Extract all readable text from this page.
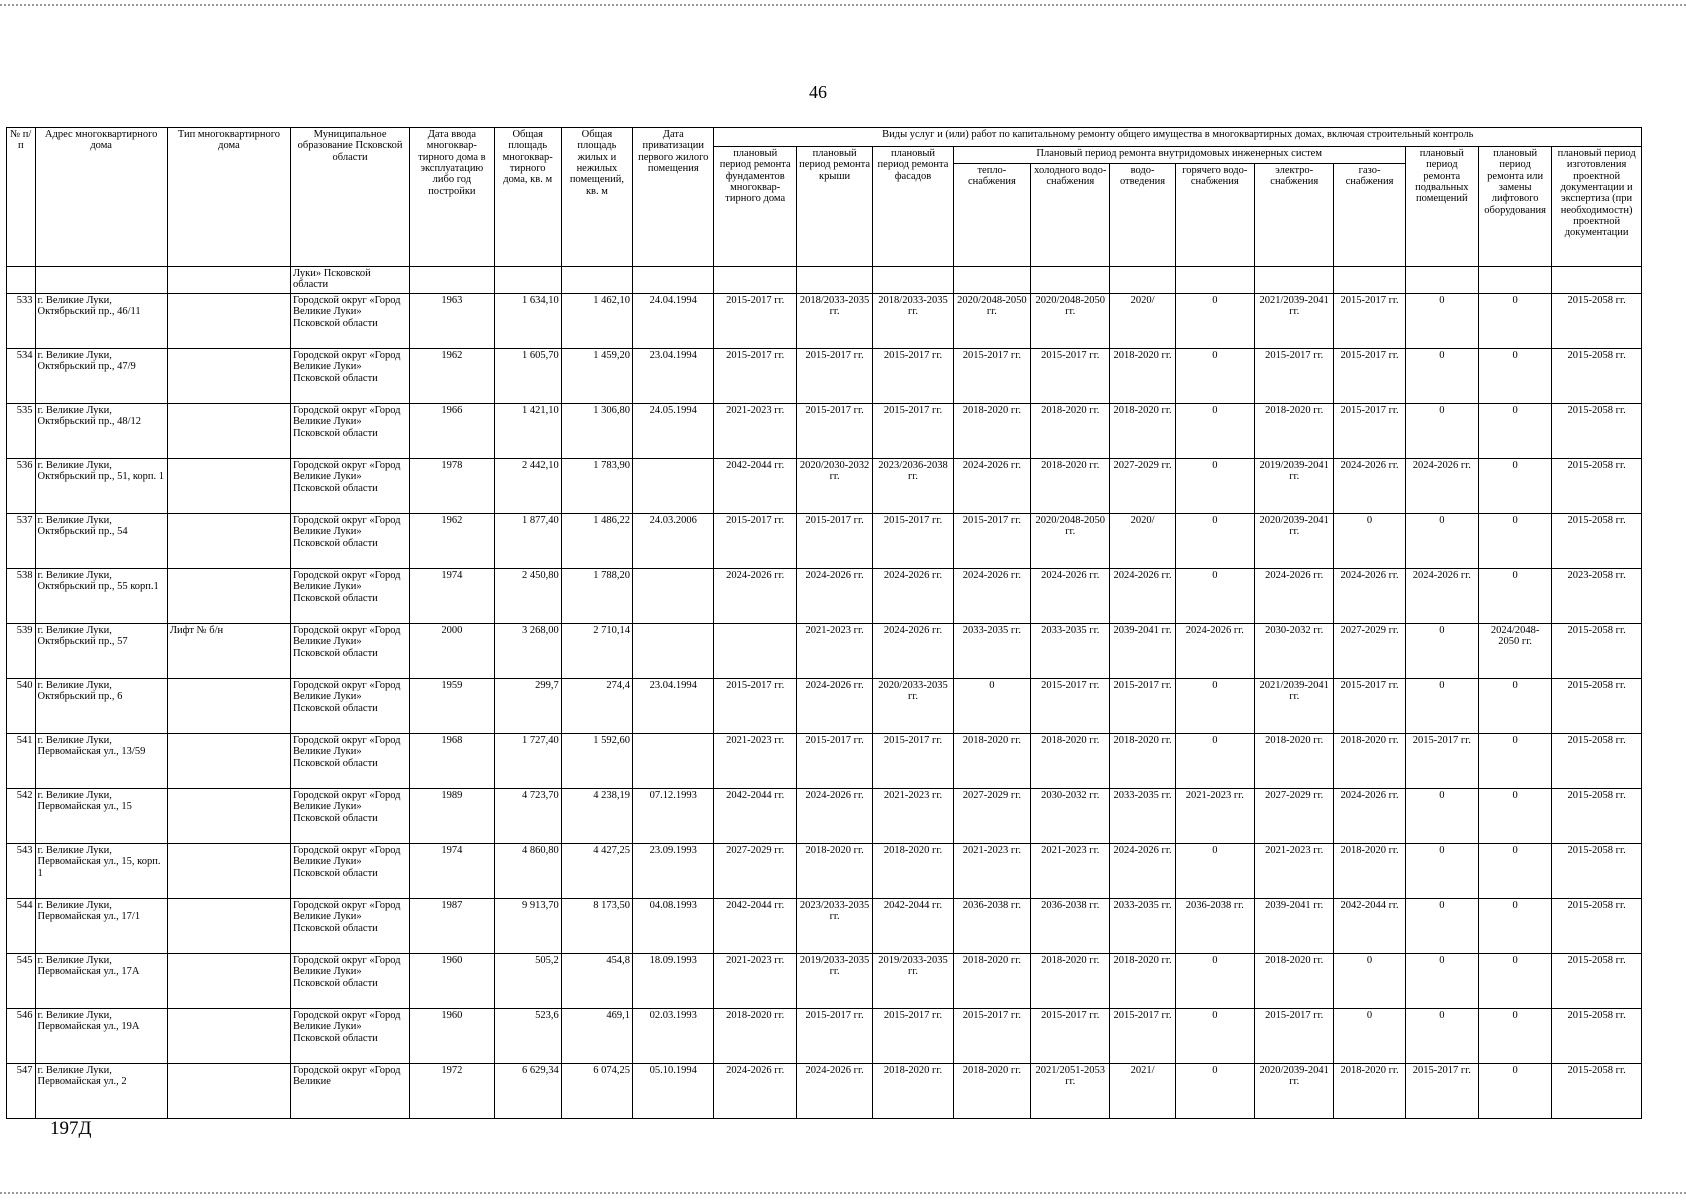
46
№ п/п	Адрес многоквартирного дома	Тип многоквартирного дома	Муниципальное образование Псковской области	Дата ввода многоквар-тирного дома в эксплуатацию либо год постройки	Общая площадь многоквар-тирного дома, кв. м	Общая площадь жилых и нежилых помещений, кв. м	Дата приватизации первого жилого помещения	Виды услуг и (или) работ по капитальному ремонту общего имущества в многоквартирных домах, включая строительный контроль											
								плановый период ремонта фундаментов многоквар-тирного дома	плановый период ремонта крыши	плановый период ремонта фасадов	Плановый период ремонта внутридомовых инженерных систем						плановый период ремонта подвальных помещений	плановый период ремонта или замены лифтового оборудования	плановый период изготовления проектной документации и экспертиза (при необходимостн) проектной документации
											тепло-снабжения	холодного водо-снабжения	водо-отведения	горячего водо-снабжения	электро-снабжения	газо-снабжения			
			Луки» Псковской области																
533	г. Великие Луки, Октябрьский пр., 46/11		Городской округ «Город Великие Луки» Псковской области	1963	1 634,10	1 462,10	24.04.1994	2015-2017 гг.	2018/2033-2035 гг.	2018/2033-2035 гг.	2020/2048-2050 гг.	2020/2048-2050 гг.	2020/	0	2021/2039-2041 гг.	2015-2017 гг.	0	0	2015-2058 гг.
534	г. Великие Луки, Октябрьский пр., 47/9		Городской округ «Город Великие Луки» Псковской области	1962	1 605,70	1 459,20	23.04.1994	2015-2017 гг.	2015-2017 гг.	2015-2017 гг.	2015-2017 гг.	2015-2017 гг.	2018-2020 гг.	0	2015-2017 гг.	2015-2017 гг.	0	0	2015-2058 гг.
535	г. Великие Луки, Октябрьский пр., 48/12		Городской округ «Город Великие Луки» Псковской области	1966	1 421,10	1 306,80	24.05.1994	2021-2023 гг.	2015-2017 гг.	2015-2017 гг.	2018-2020 гг.	2018-2020 гг.	2018-2020 гг.	0	2018-2020 гг.	2015-2017 гг.	0	0	2015-2058 гг.
536	г. Великие Луки, Октябрьский пр., 51, корп. 1		Городской округ «Город Великие Луки» Псковской области	1978	2 442,10	1 783,90		2042-2044 гг.	2020/2030-2032 гг.	2023/2036-2038 гг.	2024-2026 гг.	2018-2020 гг.	2027-2029 гг.	0	2019/2039-2041 гг.	2024-2026 гг.	2024-2026 гг.	0	2015-2058 гг.
537	г. Великие Луки, Октябрьский пр., 54		Городской округ «Город Великие Луки» Псковской области	1962	1 877,40	1 486,22	24.03.2006	2015-2017 гг.	2015-2017 гг.	2015-2017 гг.	2015-2017 гг.	2020/2048-2050 гг.	2020/	0	2020/2039-2041 гг.	0	0	0	2015-2058 гг.
538	г. Великие Луки, Октябрьский пр., 55 корп.1		Городской округ «Город Великие Луки» Псковской области	1974	2 450,80	1 788,20		2024-2026 гг.	2024-2026 гг.	2024-2026 гг.	2024-2026 гг.	2024-2026 гг.	2024-2026 гг.	0	2024-2026 гг.	2024-2026 гг.	2024-2026 гг.	0	2023-2058 гг.
539	г. Великие Луки, Октябрьский пр., 57	Лифт № б/н	Городской округ «Город Великие Луки» Псковской области	2000	3 268,00	2 710,14			2021-2023 гг.	2024-2026 гг.	2033-2035 гг.	2033-2035 гг.	2039-2041 гг.	2024-2026 гг.	2030-2032 гг.	2027-2029 гг.	0	2024/2048-2050 гг.	2015-2058 гг.
540	г. Великие Луки, Октябрьский пр., 6		Городской округ «Город Великие Луки» Псковской области	1959	299,7	274,4	23.04.1994	2015-2017 гг.	2024-2026 гг.	2020/2033-2035 гг.	0	2015-2017 гг.	2015-2017 гг.	0	2021/2039-2041 гг.	2015-2017 гг.	0	0	2015-2058 гг.
541	г. Великие Луки, Первомайская ул., 13/59		Городской округ «Город Великие Луки» Псковской области	1968	1 727,40	1 592,60		2021-2023 гг.	2015-2017 гг.	2015-2017 гг.	2018-2020 гг.	2018-2020 гг.	2018-2020 гг.	0	2018-2020 гг.	2018-2020 гг.	2015-2017 гг.	0	2015-2058 гг.
542	г. Великие Луки, Первомайская ул., 15		Городской округ «Город Великие Луки» Псковской области	1989	4 723,70	4 238,19	07.12.1993	2042-2044 гг.	2024-2026 гг.	2021-2023 гг.	2027-2029 гг.	2030-2032 гг.	2033-2035 гг.	2021-2023 гг.	2027-2029 гг.	2024-2026 гг.	0	0	2015-2058 гг.
543	г. Великие Луки, Первомайская ул., 15, корп. 1		Городской округ «Город Великие Луки» Псковской области	1974	4 860,80	4 427,25	23.09.1993	2027-2029 гг.	2018-2020 гг.	2018-2020 гг.	2021-2023 гг.	2021-2023 гг.	2024-2026 гг.	0	2021-2023 гг.	2018-2020 гг.	0	0	2015-2058 гг.
544	г. Великие Луки, Первомайская ул., 17/1		Городской округ «Город Великие Луки» Псковской области	1987	9 913,70	8 173,50	04.08.1993	2042-2044 гг.	2023/2033-2035 гг.	2042-2044 гг.	2036-2038 гг.	2036-2038 гг.	2033-2035 гг.	2036-2038 гг.	2039-2041 гг.	2042-2044 гг.	0	0	2015-2058 гг.
545	г. Великие Луки, Первомайская ул., 17А		Городской округ «Город Великие Луки» Псковской области	1960	505,2	454,8	18.09.1993	2021-2023 гг.	2019/2033-2035 гг.	2019/2033-2035 гг.	2018-2020 гг.	2018-2020 гг.	2018-2020 гг.	0	2018-2020 гг.	0	0	0	2015-2058 гг.
546	г. Великие Луки, Первомайская ул., 19А		Городской округ «Город Великие Луки» Псковской области	1960	523,6	469,1	02.03.1993	2018-2020 гг.	2015-2017 гг.	2015-2017 гг.	2015-2017 гг.	2015-2017 гг.	2015-2017 гг.	0	2015-2017 гг.	0	0	0	2015-2058 гг.
547	г. Великие Луки, Первомайская ул., 2		Городской округ «Город Великие	1972	6 629,34	6 074,25	05.10.1994	2024-2026 гг.	2024-2026 гг.	2018-2020 гг.	2018-2020 гг.	2021/2051-2053 гг.	2021/	0	2020/2039-2041 гг.	2018-2020 гг.	2015-2017 гг.	0	2015-2058 гг.
197Д
